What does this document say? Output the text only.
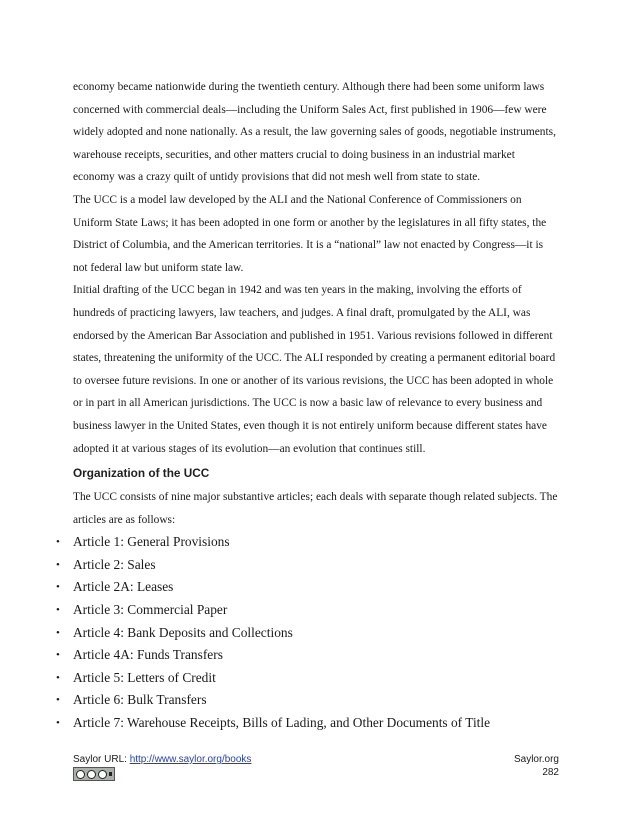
economy became nationwide during the twentieth century. Although there had been some uniform laws concerned with commercial deals—including the Uniform Sales Act, first published in 1906—few were widely adopted and none nationally. As a result, the law governing sales of goods, negotiable instruments, warehouse receipts, securities, and other matters crucial to doing business in an industrial market economy was a crazy quilt of untidy provisions that did not mesh well from state to state.

The UCC is a model law developed by the ALI and the National Conference of Commissioners on Uniform State Laws; it has been adopted in one form or another by the legislatures in all fifty states, the District of Columbia, and the American territories. It is a “national” law not enacted by Congress—it is not federal law but uniform state law.

Initial drafting of the UCC began in 1942 and was ten years in the making, involving the efforts of hundreds of practicing lawyers, law teachers, and judges. A final draft, promulgated by the ALI, was endorsed by the American Bar Association and published in 1951. Various revisions followed in different states, threatening the uniformity of the UCC. The ALI responded by creating a permanent editorial board to oversee future revisions. In one or another of its various revisions, the UCC has been adopted in whole or in part in all American jurisdictions. The UCC is now a basic law of relevance to every business and business lawyer in the United States, even though it is not entirely uniform because different states have adopted it at various stages of its evolution—an evolution that continues still.

Organization of the UCC

The UCC consists of nine major substantive articles; each deals with separate though related subjects. The articles are as follows:

• Article 1: General Provisions
• Article 2: Sales
• Article 2A: Leases
• Article 3: Commercial Paper
• Article 4: Bank Deposits and Collections
• Article 4A: Funds Transfers
• Article 5: Letters of Credit
• Article 6: Bulk Transfers
• Article 7: Warehouse Receipts, Bills of Lading, and Other Documents of Title
Saylor URL: http://www.saylor.org/books	Saylor.org
282
